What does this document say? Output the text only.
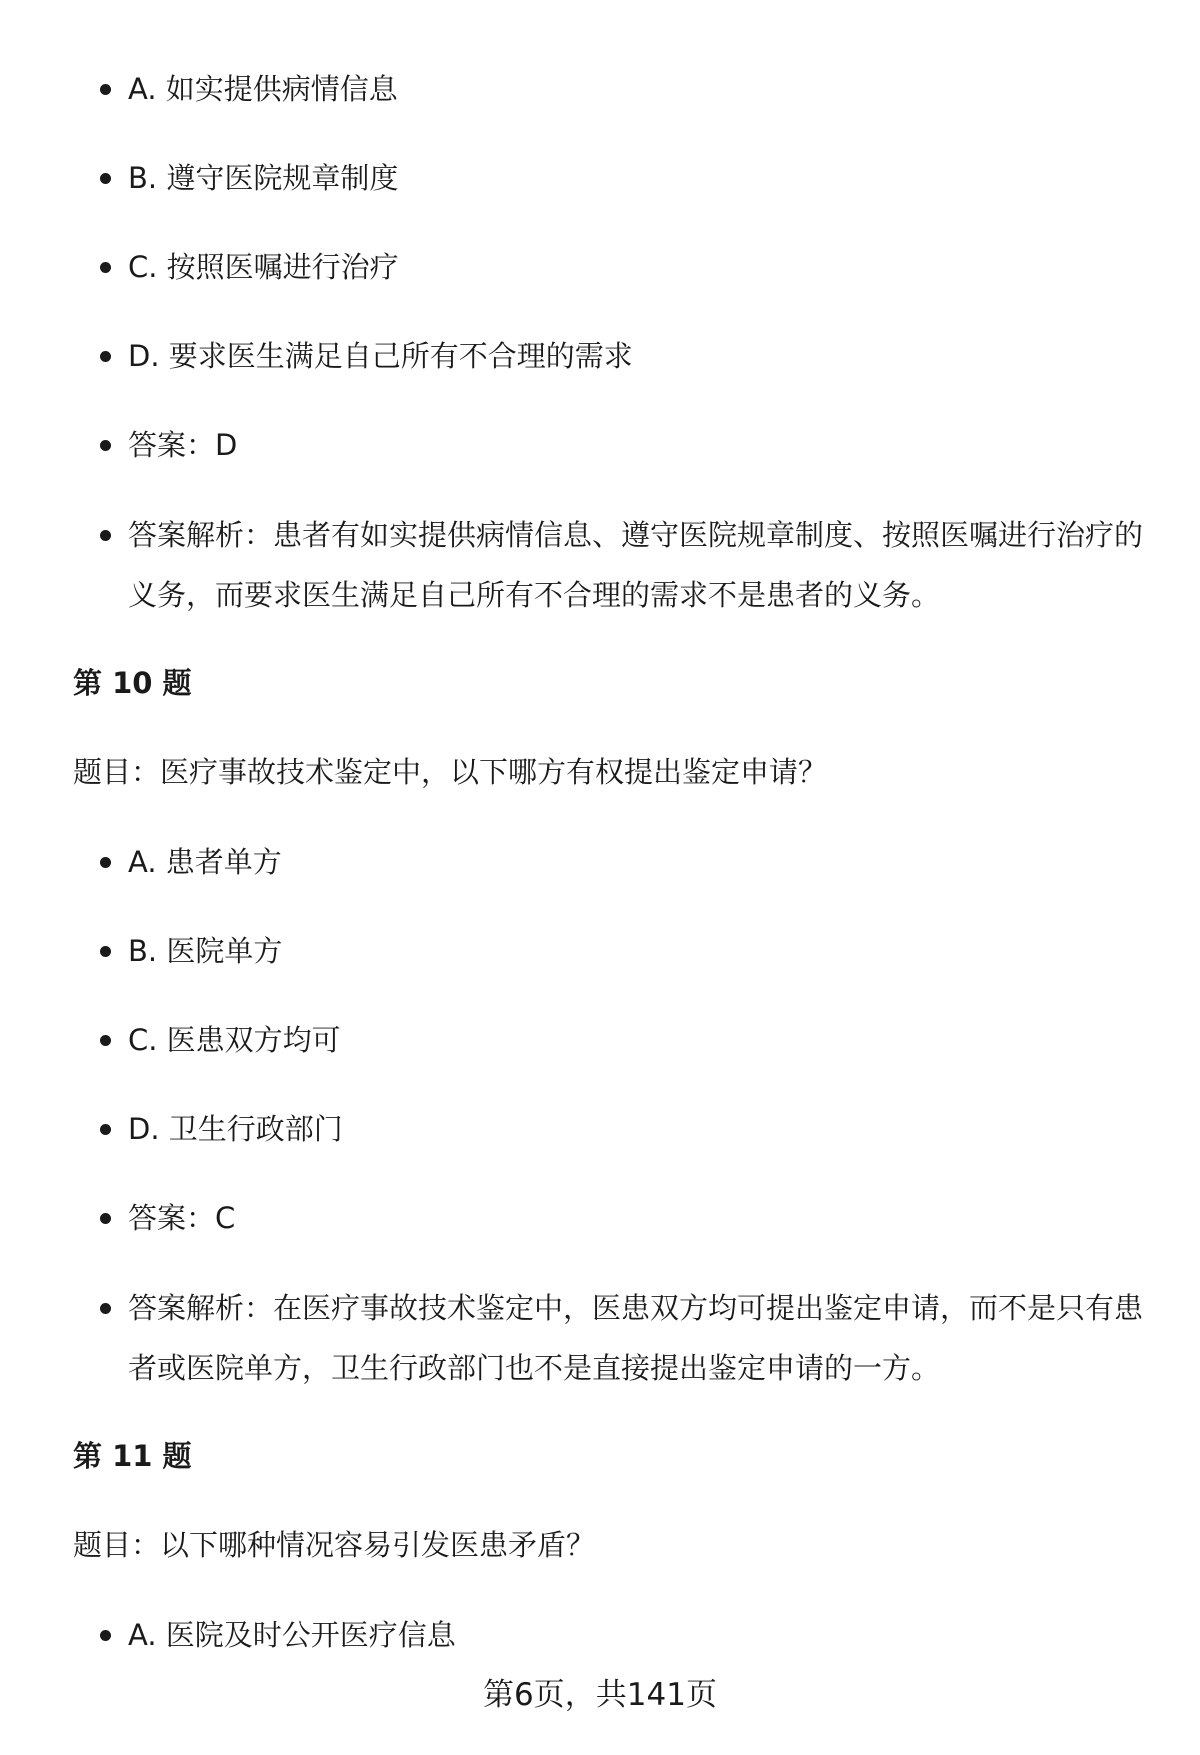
A. 如实提供病情信息
B. 遵守医院规章制度
C. 按照医嘱进行治疗
D. 要求医生满足自己所有不合理的需求
答案：D
答案解析：患者有如实提供病情信息、遵守医院规章制度、按照医嘱进行治疗的义务，而要求医生满足自己所有不合理的需求不是患者的义务。
第 10 题
题目：医疗事故技术鉴定中，以下哪方有权提出鉴定申请？
A. 患者单方
B. 医院单方
C. 医患双方均可
D. 卫生行政部门
答案：C
答案解析：在医疗事故技术鉴定中，医患双方均可提出鉴定申请，而不是只有患者或医院单方，卫生行政部门也不是直接提出鉴定申请的一方。
第 11 题
题目：以下哪种情况容易引发医患矛盾？
A. 医院及时公开医疗信息
第6页，共141页
